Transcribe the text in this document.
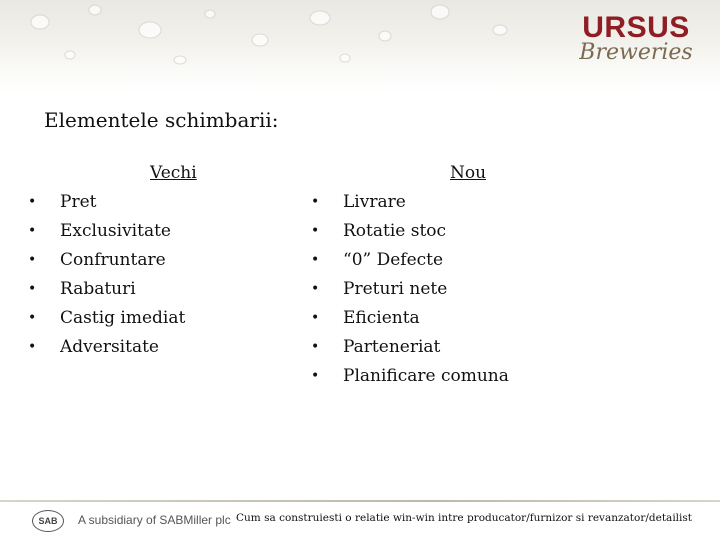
URSUS
Breweries
Elementele schimbarii:
Vechi	Nou
• Pret
• Exclusivitate
• Confruntare
• Rabaturi
• Castig imediat
• Adversitate
• Livrare
• Rotatie stoc
• “0” Defecte
• Preturi nete
• Eficienta
• Parteneriat
• Planificare comuna
SAB	A subsidiary of SABMiller plc Cum sa construiesti o relatie win-win intre producator/furnizor si revanzator/detailist
